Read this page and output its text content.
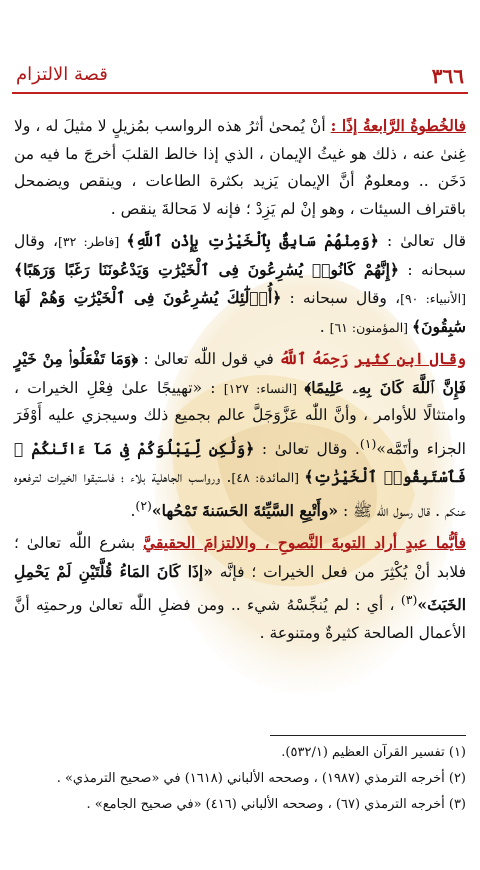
٣٦٦
قصة الالتزام

فالخُطوةُ الرَّابعةُ إذًا : أنْ يُمحىٰ أثرُ هذه الرواسب بمُزيلٍ لا مثيلَ له ، ولا غِنىٰ عنه ، ذلك هو غيثُ الإيمان ، الذي إذا خالط القلبَ أخرجَ ما فيه من دَخَن .. ومعلومٌ أنَّ الإيمان يَزيد بكثرة الطاعات ، وينقص ويضمحل باقتراف السيئات ، وهو إنْ لم يَزِدْ ؛ فإنه لا مَحالةَ ينقص .

قال تعالىٰ : ﴿وَمِنْهُمْ سَابِقٌۢ بِٱلْخَيْرَٰتِ بِإِذْنِ ٱللَّهِ﴾ [فاطر: ٣٢]، وقال سبحانه : ﴿إِنَّهُمْ كَانُوا۟ يُسَٰرِعُونَ فِى ٱلْخَيْرَٰتِ وَيَدْعُونَنَا رَغَبًا وَرَهَبًا﴾ [الأنبياء: ٩٠]، وقال سبحانه : ﴿أُو۟لَٰٓئِكَ يُسَٰرِعُونَ فِى ٱلْخَيْرَٰتِ وَهُمْ لَهَا سَٰبِقُونَ﴾ [المؤمنون: ٦١] .

وقال ابن كثير رَحِمَهُ ٱللَّهُ في قول اللّٰه تعالىٰ : ﴿وَمَا تَفْعَلُوا۟ مِنْ خَيْرٍ فَإِنَّ ٱللَّهَ كَانَ بِهِۦ عَلِيمًا﴾ [النساء: ١٢٧] : «تهييجًا علىٰ فِعْلِ الخيرات ، وامتثالًا للأوامر ، وأنَّ اللّٰه عَزَّوَجَلَّ عالم بجميع ذلك وسيجزي عليه أَوْفَرَ الجزاء وأتَمَّه»$^{(١)}$. وقال تعالىٰ : ﴿وَلَٰكِن لِّيَبْلُوَكُمْ فِى مَآ ءَاتَىٰكُمْ ۖ فَٱسْتَبِقُوا۟ ٱلْخَيْرَٰتِ﴾ [المائدة: ٤٨]. ورواسب الجاهلية بلاء ؛ فاستبقوا الخيرات لترفعوه عنكم . قال رسول اللّٰه ﷺ : «وأَتْبِعِ السَّيِّئةَ الحَسَنةَ تَمْحُها»$^{(٢)}$.

فأيُّما عبدٍ أراد التوبةَ النَّصوحِ ، والالتزامَ الحقيقيَّ بشرع اللّٰه تعالىٰ ؛ فلابد أنْ يُكْثِرَ من فعل الخيرات ؛ فإنَّه «إذَا كَانَ المَاءُ قُلَّتَيْنِ لَمْ يَحْمِلِ الخَبَثَ»$^{(٣)}$ ، أي : لم يُنجِّسْهُ شيء .. ومن فضلِ اللّٰه تعالىٰ ورحمتِه أنَّ الأعمال الصالحة كثيرةٌ ومتنوعة .

(١) تفسير القرآن العظيم (٥٣٢/١).
(٢) أخرجه الترمذي (١٩٨٧) ، وصححه الألباني (١٦١٨) في «صحيح الترمذي» .
(٣) أخرجه الترمذي (٦٧) ، وصححه الألباني (٤١٦) «في صحيح الجامع» .
